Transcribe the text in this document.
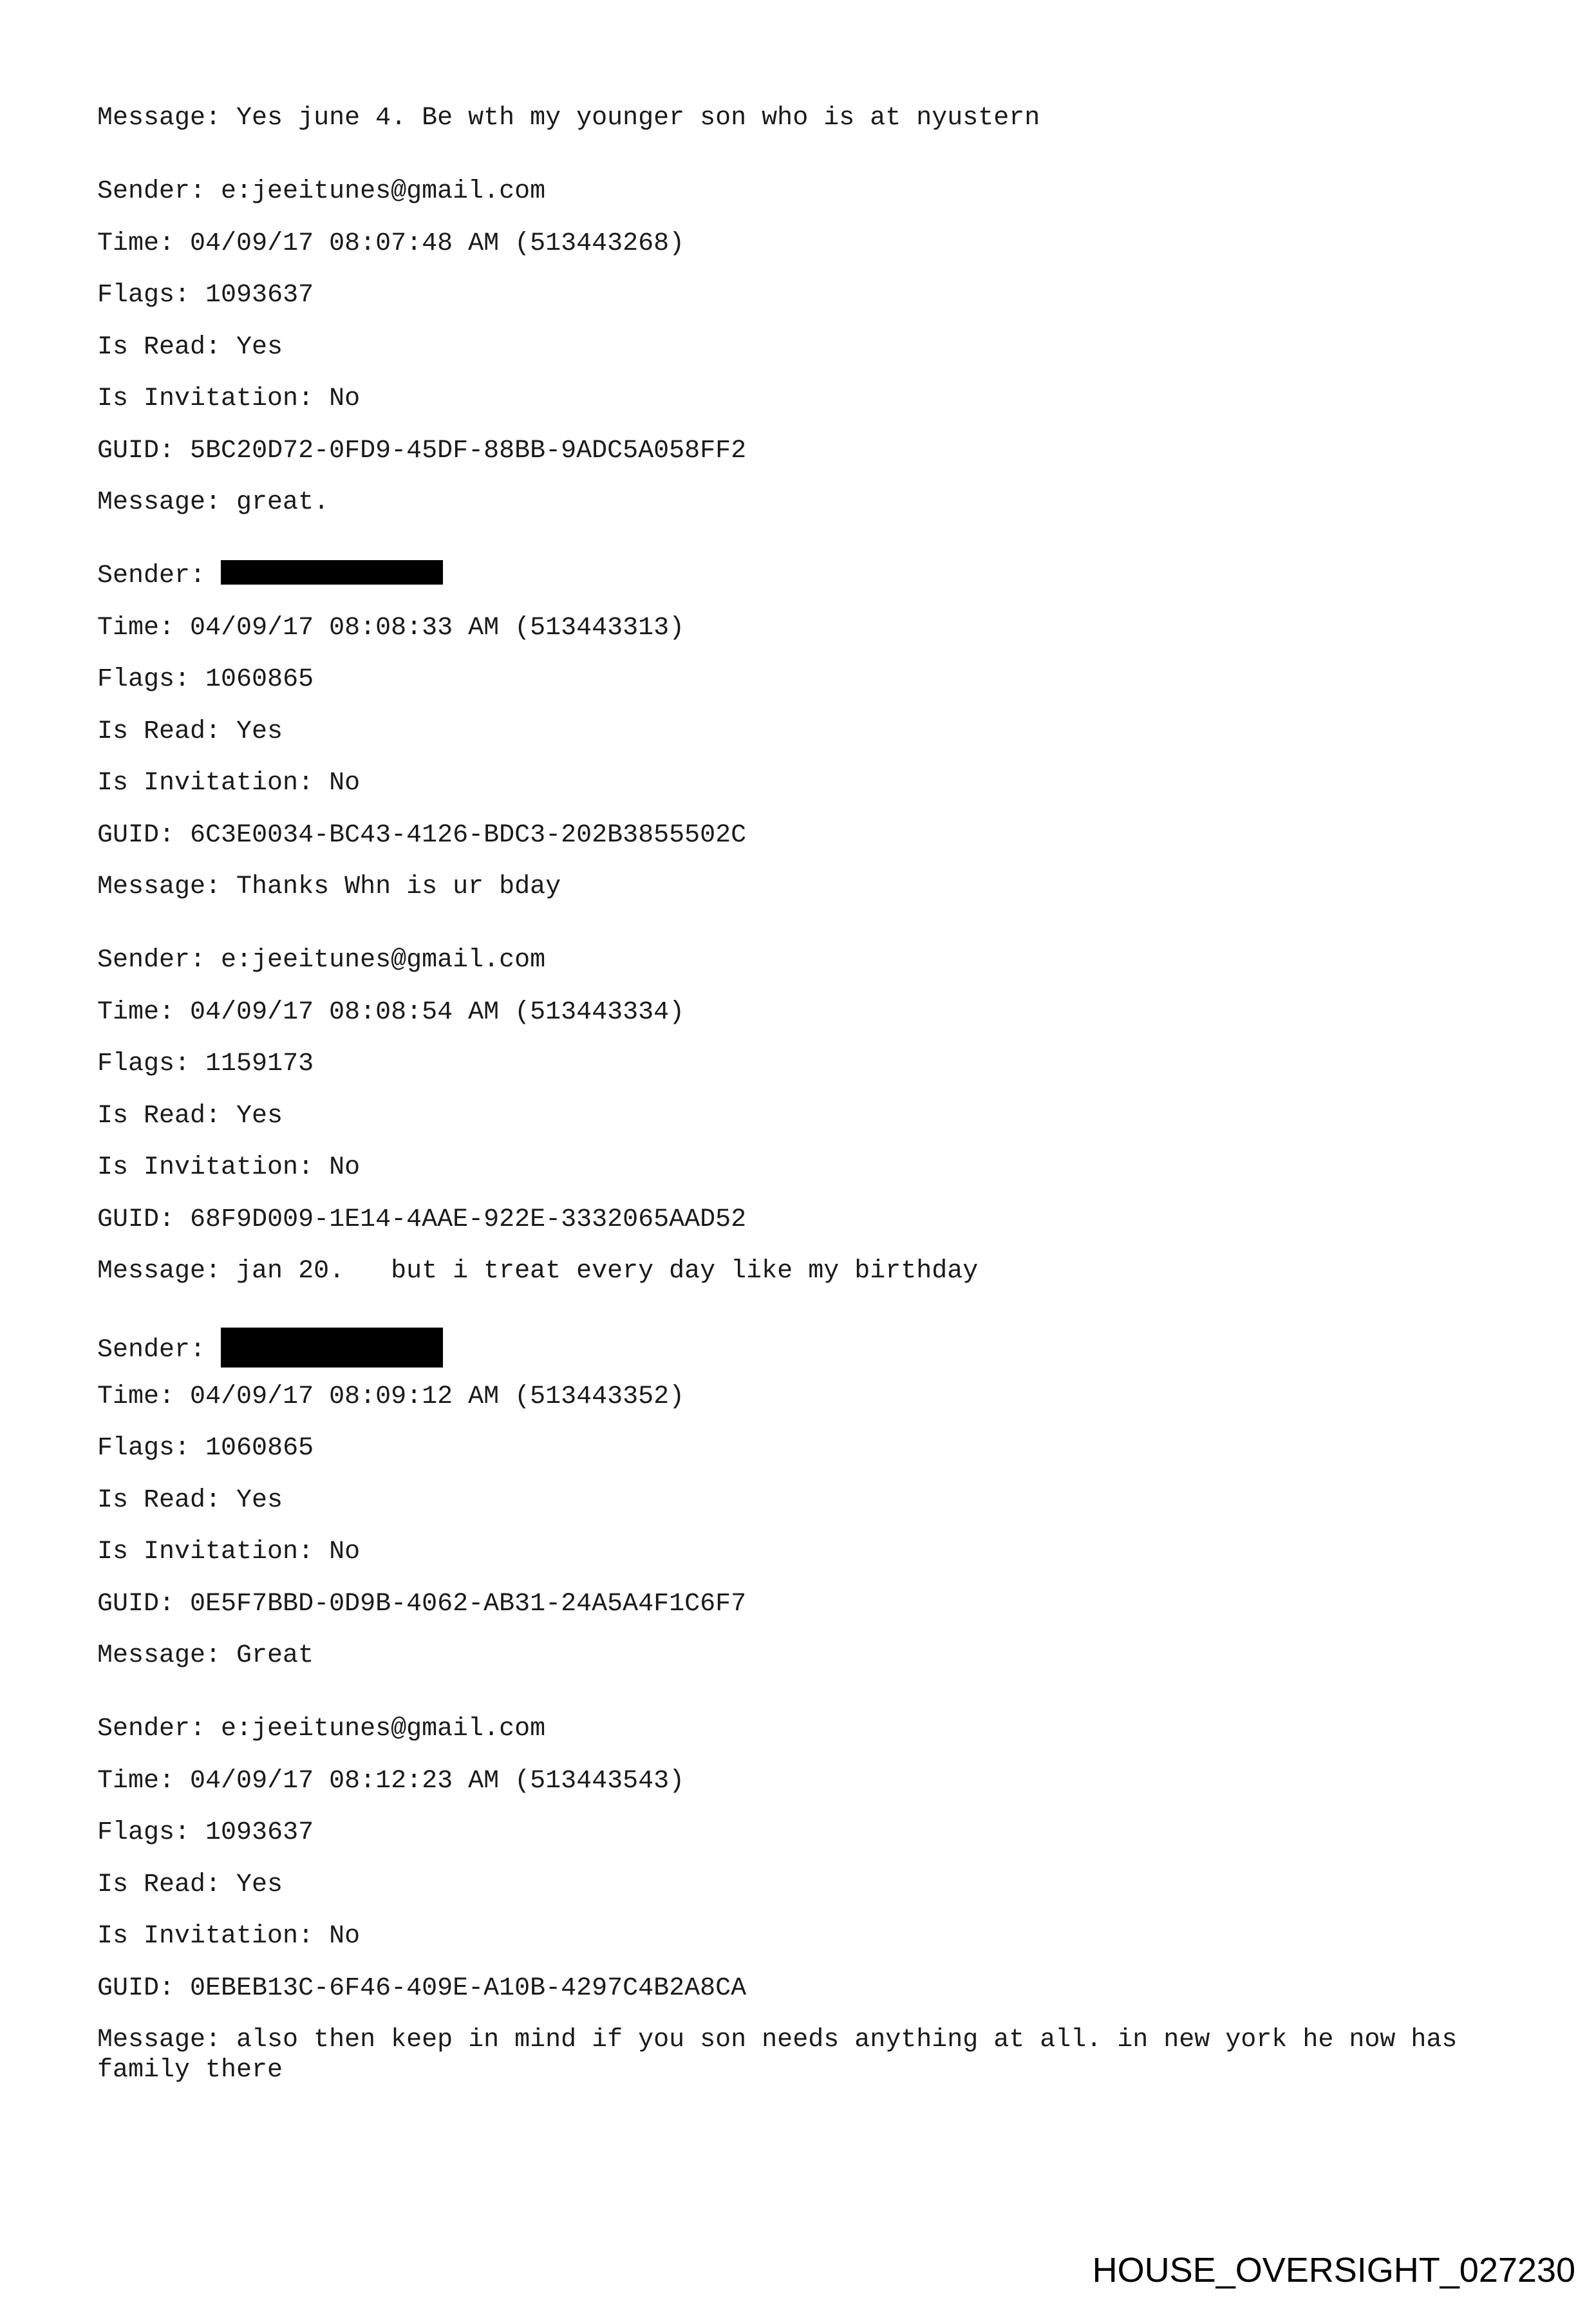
Message: Yes june 4. Be wth my younger son who is at nyustern
Sender: e:jeeitunes@gmail.com
Time: 04/09/17 08:07:48 AM (513443268)
Flags: 1093637
Is Read: Yes
Is Invitation: No
GUID: 5BC20D72-0FD9-45DF-88BB-9ADC5A058FF2
Message: great.
Sender:
Time: 04/09/17 08:08:33 AM (513443313)
Flags: 1060865
Is Read: Yes
Is Invitation: No
GUID: 6C3E0034-BC43-4126-BDC3-202B3855502C
Message: Thanks Whn is ur bday
Sender: e:jeeitunes@gmail.com
Time: 04/09/17 08:08:54 AM (513443334)
Flags: 1159173
Is Read: Yes
Is Invitation: No
GUID: 68F9D009-1E14-4AAE-922E-3332065AAD52
Message: jan 20.   but i treat every day like my birthday
Sender:
Time: 04/09/17 08:09:12 AM (513443352)
Flags: 1060865
Is Read: Yes
Is Invitation: No
GUID: 0E5F7BBD-0D9B-4062-AB31-24A5A4F1C6F7
Message: Great
Sender: e:jeeitunes@gmail.com
Time: 04/09/17 08:12:23 AM (513443543)
Flags: 1093637
Is Read: Yes
Is Invitation: No
GUID: 0EBEB13C-6F46-409E-A10B-4297C4B2A8CA
Message: also then keep in mind if you son needs anything at all. in new york he now has family there
HOUSE_OVERSIGHT_027230
